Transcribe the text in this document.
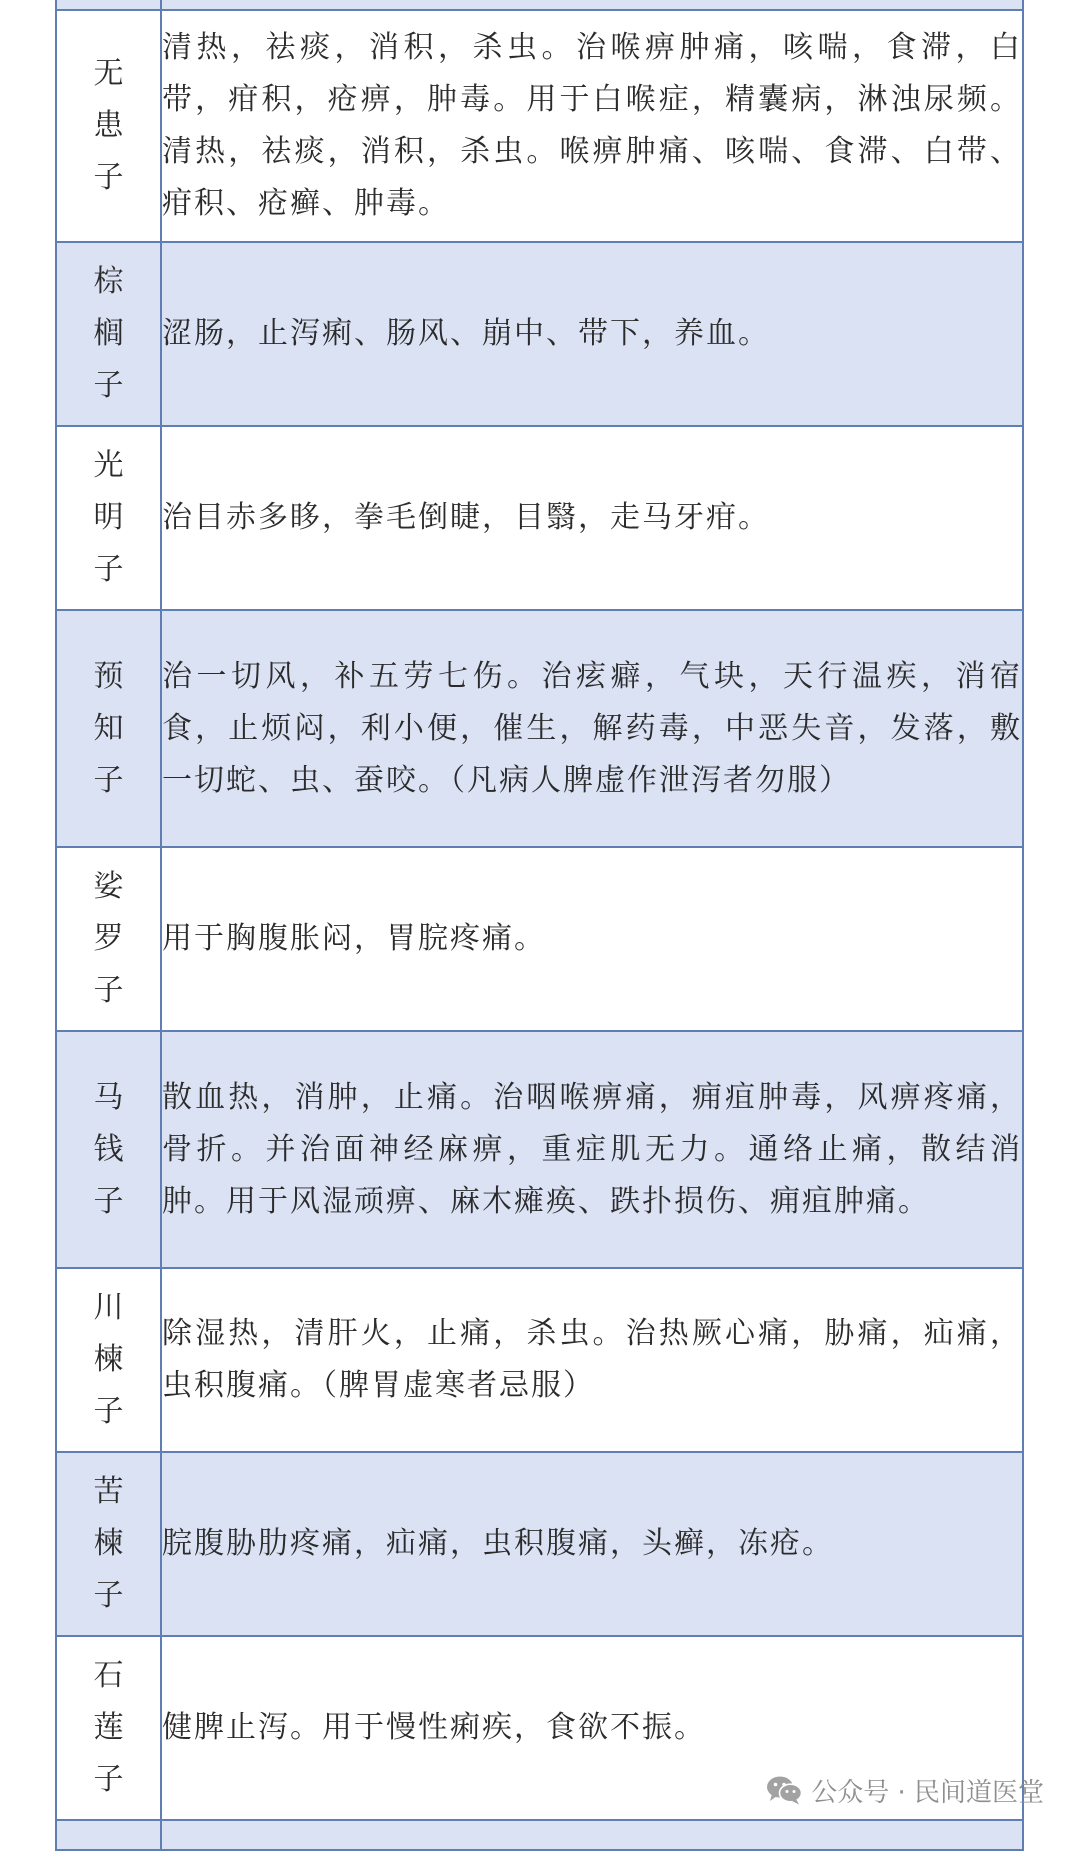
无患子	清热，祛痰，消积，杀虫。治喉痹肿痛，咳喘，食滞，白带，疳积，疮痹，肿毒。用于白喉症，精囊病，淋浊尿频。清热，祛痰，消积，杀虫。喉痹肿痛、咳喘、食滞、白带、疳积、疮癣、肿毒。

棕榈子	涩肠，止泻痢、肠风、崩中、带下，养血。

光明子	治目赤多眵，拳毛倒睫，目翳，走马牙疳。

预知子	治一切风，补五劳七伤。治痃癖，气块，天行温疾，消宿食，止烦闷，利小便，催生，解药毒，中恶失音，发落，敷一切蛇、虫、蚕咬。（凡病人脾虚作泄泻者勿服）

娑罗子	用于胸腹胀闷，胃脘疼痛。

马钱子	散血热，消肿，止痛。治咽喉痹痛，痈疽肿毒，风痹疼痛，骨折。并治面神经麻痹，重症肌无力。通络止痛，散结消肿。用于风湿顽痹、麻木瘫痪、跌扑损伤、痈疽肿痛。

川楝子	除湿热，清肝火，止痛，杀虫。治热厥心痛，胁痛，疝痛，虫积腹痛。（脾胃虚寒者忌服）

苦楝子	脘腹胁肋疼痛，疝痛，虫积腹痛，头癣，冻疮。

石莲子	健脾止泻。用于慢性痢疾，食欲不振。

公众号 · 民间道医堂
